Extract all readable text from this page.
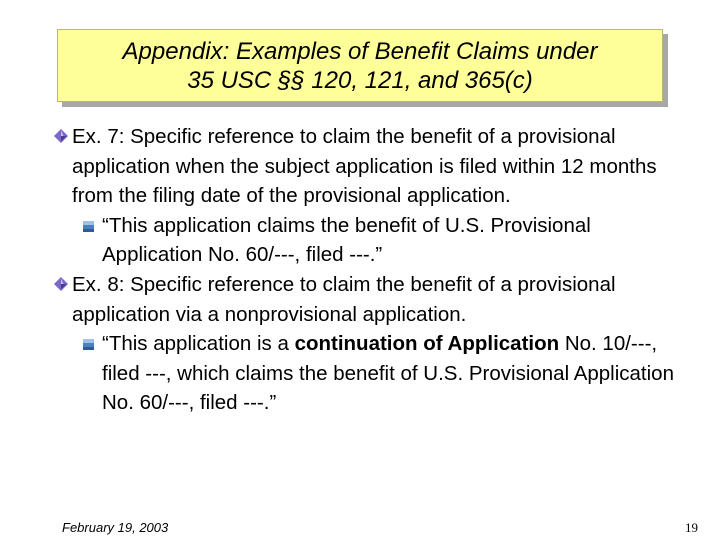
Appendix: Examples of Benefit Claims under
35 USC §§ 120, 121, and 365(c)
Ex. 7: Specific reference to claim the benefit of a provisional application when the subject application is filed within 12 months from the filing date of the provisional application.
“This application claims the benefit of U.S. Provisional Application No. 60/---, filed ---.”
Ex. 8: Specific reference to claim the benefit of a provisional application via a nonprovisional application.
“This application is a continuation of Application No. 10/---, filed ---, which claims the benefit of U.S. Provisional Application No. 60/---, filed ---.”
February 19, 2003	19
